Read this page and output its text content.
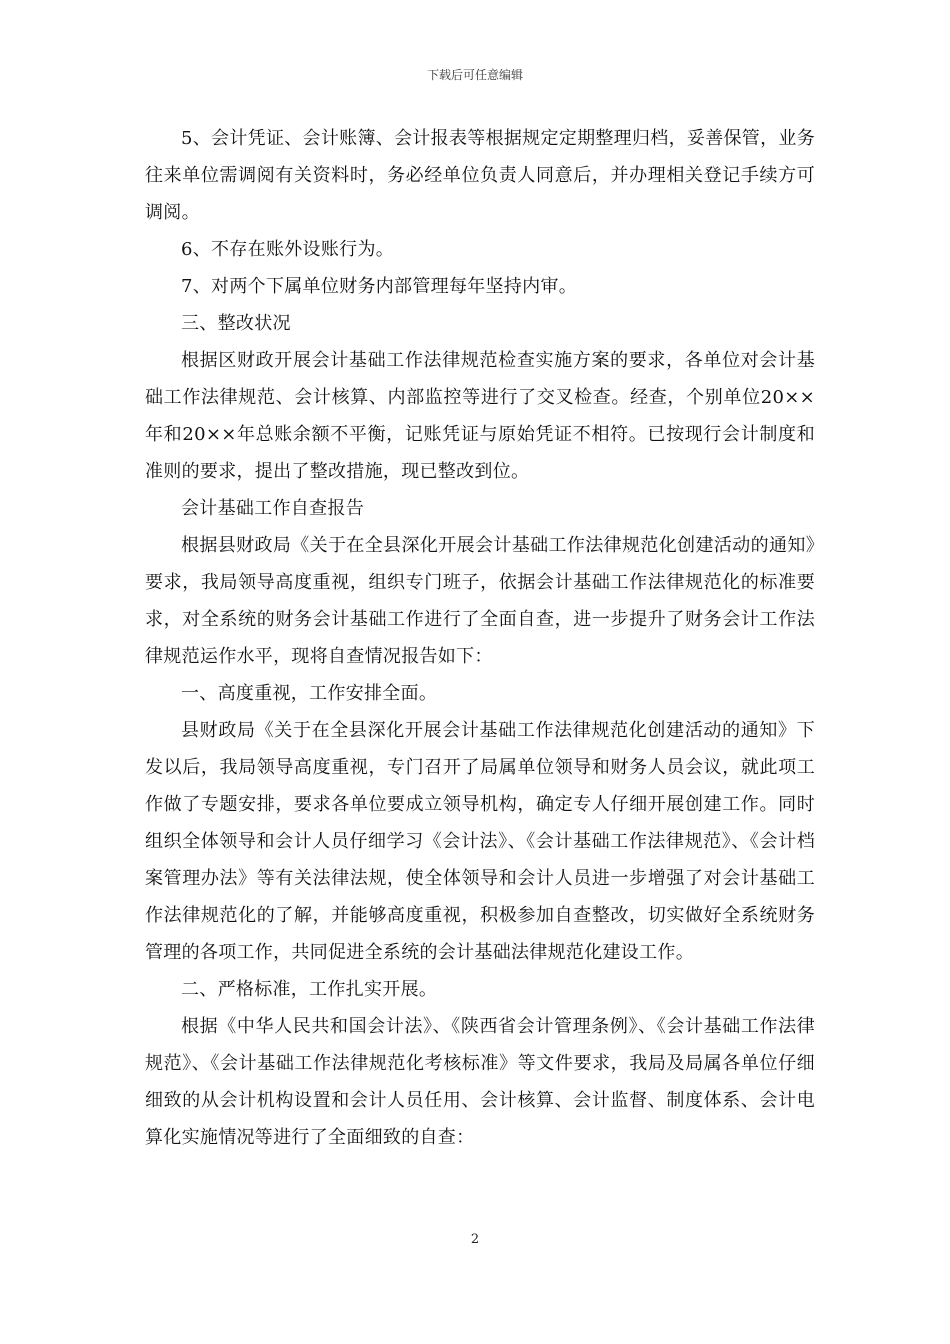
下载后可任意编辑

5、会计凭证、会计账簿、会计报表等根据规定定期整理归档，妥善保管，业务往来单位需调阅有关资料时，务必经单位负责人同意后，并办理相关登记手续方可调阅。

6、不存在账外设账行为。

7、对两个下属单位财务内部管理每年坚持内审。

三、整改状况

根据区财政开展会计基础工作法律规范检查实施方案的要求，各单位对会计基础工作法律规范、会计核算、内部监控等进行了交叉检查。经查，个别单位20××年和20××年总账余额不平衡，记账凭证与原始凭证不相符。已按现行会计制度和准则的要求，提出了整改措施，现已整改到位。

会计基础工作自查报告

根据县财政局《关于在全县深化开展会计基础工作法律规范化创建活动的通知》要求，我局领导高度重视，组织专门班子，依据会计基础工作法律规范化的标准要求，对全系统的财务会计基础工作进行了全面自查，进一步提升了财务会计工作法律规范运作水平，现将自查情况报告如下：

一、高度重视，工作安排全面。

县财政局《关于在全县深化开展会计基础工作法律规范化创建活动的通知》下发以后，我局领导高度重视，专门召开了局属单位领导和财务人员会议，就此项工作做了专题安排，要求各单位要成立领导机构，确定专人仔细开展创建工作。同时组织全体领导和会计人员仔细学习《会计法》、《会计基础工作法律规范》、《会计档案管理办法》等有关法律法规，使全体领导和会计人员进一步增强了对会计基础工作法律规范化的了解，并能够高度重视，积极参加自查整改，切实做好全系统财务管理的各项工作，共同促进全系统的会计基础法律规范化建设工作。

二、严格标准，工作扎实开展。

根据《中华人民共和国会计法》、《陕西省会计管理条例》、《会计基础工作法律规范》、《会计基础工作法律规范化考核标准》等文件要求，我局及局属各单位仔细细致的从会计机构设置和会计人员任用、会计核算、会计监督、制度体系、会计电算化实施情况等进行了全面细致的自查：

2
